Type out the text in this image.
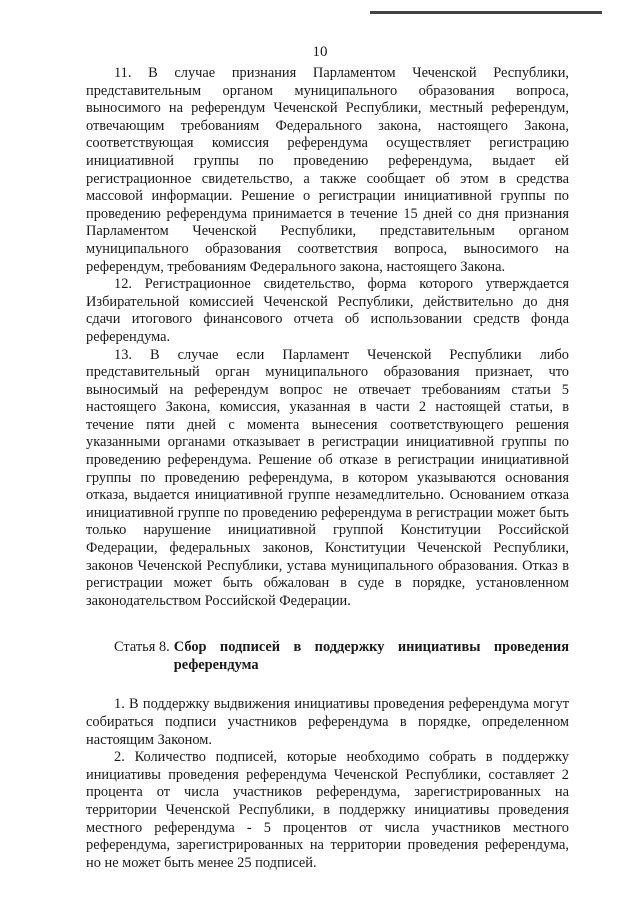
10

11. В случае признания Парламентом Чеченской Республики, представительным органом муниципального образования вопроса, выносимого на референдум Чеченской Республики, местный референдум, отвечающим требованиям Федерального закона, настоящего Закона, соответствующая комиссия референдума осуществляет регистрацию инициативной группы по проведению референдума, выдает ей регистрационное свидетельство, а также сообщает об этом в средства массовой информации. Решение о регистрации инициативной группы по проведению референдума принимается в течение 15 дней со дня признания Парламентом Чеченской Республики, представительным органом муниципального образования соответствия вопроса, выносимого на референдум, требованиям Федерального закона, настоящего Закона.

12. Регистрационное свидетельство, форма которого утверждается Избирательной комиссией Чеченской Республики, действительно до дня сдачи итогового финансового отчета об использовании средств фонда референдума.

13. В случае если Парламент Чеченской Республики либо представительный орган муниципального образования признает, что выносимый на референдум вопрос не отвечает требованиям статьи 5 настоящего Закона, комиссия, указанная в части 2 настоящей статьи, в течение пяти дней с момента вынесения соответствующего решения указанными органами отказывает в регистрации инициативной группы по проведению референдума. Решение об отказе в регистрации инициативной группы по проведению референдума, в котором указываются основания отказа, выдается инициативной группе незамедлительно. Основанием отказа инициативной группе по проведению референдума в регистрации может быть только нарушение инициативной группой Конституции Российской Федерации, федеральных законов, Конституции Чеченской Республики, законов Чеченской Республики, устава муниципального образования. Отказ в регистрации может быть обжалован в суде в порядке, установленном законодательством Российской Федерации.

Статья 8. Сбор подписей в поддержку инициативы проведения референдума

1. В поддержку выдвижения инициативы проведения референдума могут собираться подписи участников референдума в порядке, определенном настоящим Законом.

2. Количество подписей, которые необходимо собрать в поддержку инициативы проведения референдума Чеченской Республики, составляет 2 процента от числа участников референдума, зарегистрированных на территории Чеченской Республики, в поддержку инициативы проведения местного референдума - 5 процентов от числа участников местного референдума, зарегистрированных на территории проведения референдума, но не может быть менее 25 подписей.
